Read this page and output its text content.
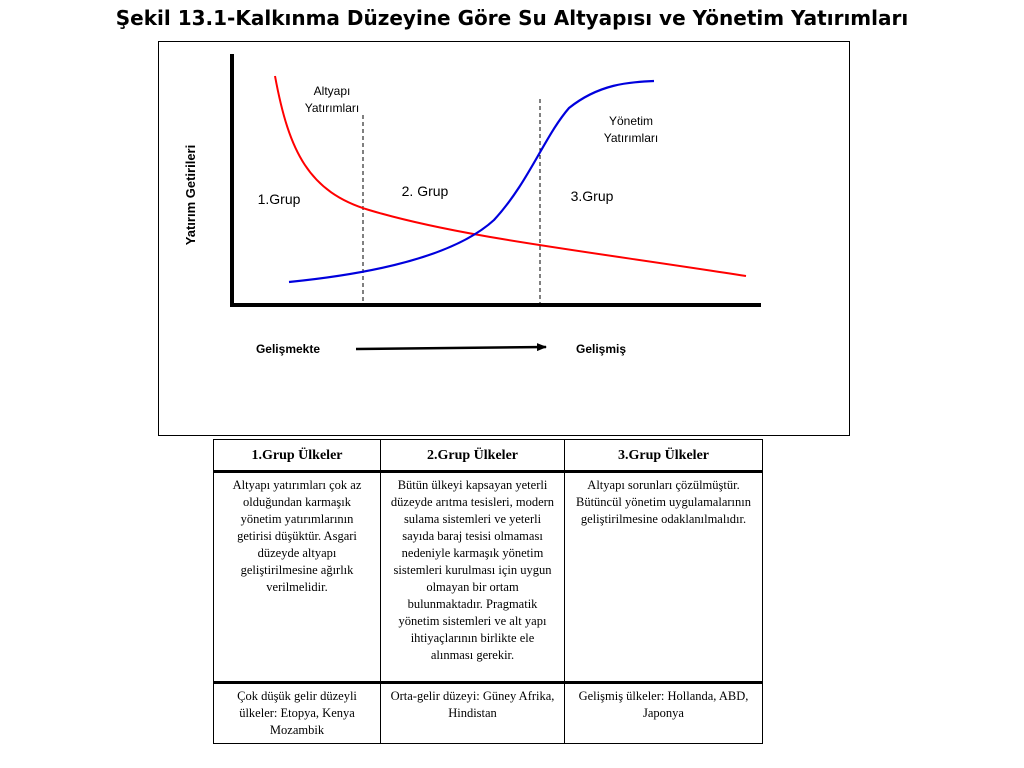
Şekil 13.1-Kalkınma Düzeyine Göre Su Altyapısı ve Yönetim Yatırımları
Yatırım Getirileri
Altyapı
Yatırımları
Yönetim
Yatırımları
1.Grup	2. Grup	3.Grup
Gelişmekte	Gelişmiş
1.Grup Ülkeler	2.Grup Ülkeler	3.Grup Ülkeler
Altyapı yatırımları çok az olduğundan karmaşık yönetim yatırımlarının getirisi düşüktür. Asgari düzeyde altyapı geliştirilmesine ağırlık verilmelidir.	Bütün ülkeyi kapsayan yeterli düzeyde arıtma tesisleri, modern sulama sistemleri ve yeterli sayıda baraj tesisi olmaması nedeniyle karmaşık yönetim sistemleri kurulması için uygun olmayan bir ortam bulunmaktadır. Pragmatik yönetim sistemleri ve alt yapı ihtiyaçlarının birlikte ele alınması gerekir.	Altyapı sorunları çözülmüştür. Bütüncül yönetim uygulamalarının geliştirilmesine odaklanılmalıdır.
Çok düşük gelir düzeyli ülkeler: Etopya, Kenya Mozambik	Orta-gelir düzeyi: Güney Afrika, Hindistan	Gelişmiş ülkeler: Hollanda, ABD, Japonya
